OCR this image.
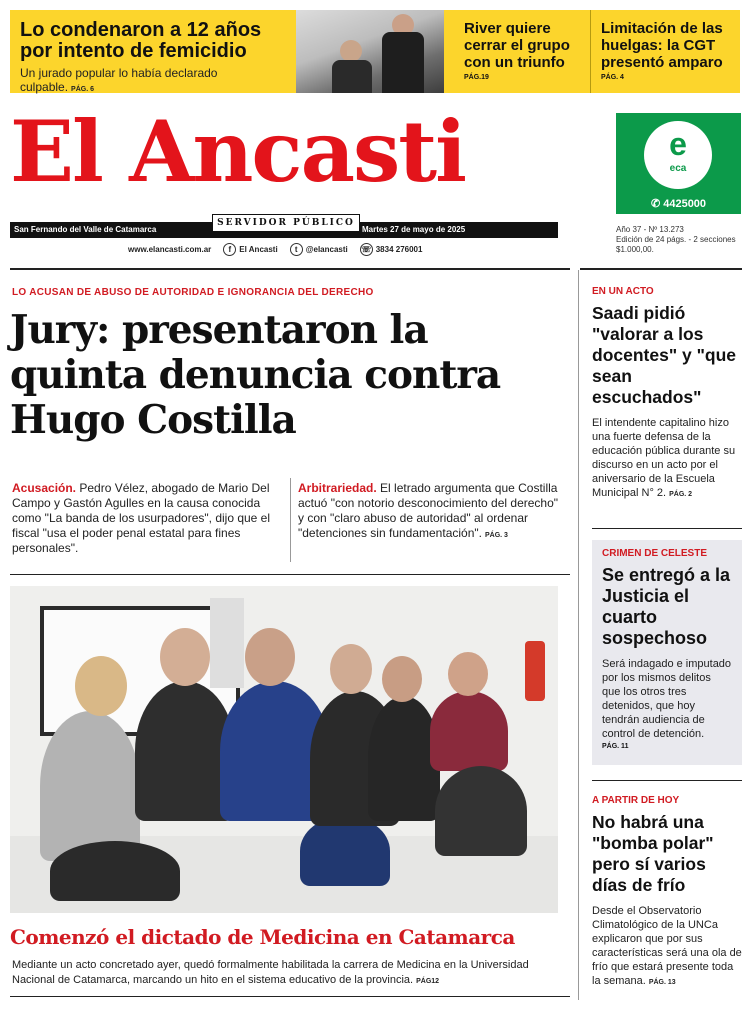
Lo condenaron a 12 años por intento de femicidio
Un jurado popular lo había declarado culpable. PÁG. 6
River quiere cerrar el grupo con un triunfo
PÁG.19
Limitación de las huelgas: la CGT presentó amparo
PÁG. 4
El Ancasti
San Fernando del Valle de Catamarca	Martes 27 de mayo de 2025
SERVIDOR PÚBLICO
www.elancasti.com.ar	f El Ancasti	t @elancasti ☏ 3834 276001
e
eca
✆ 4425000
Año 37 - Nº 13.273
Edición de 24 págs. - 2 secciones
$1.000,00.
LO ACUSAN DE ABUSO DE AUTORIDAD E IGNORANCIA DEL DERECHO
Jury: presentaron la quinta denuncia contra Hugo Costilla
Acusación. Pedro Vélez, abogado de Mario Del Campo y Gastón Agulles en la causa conocida como "La banda de los usurpadores", dijo que el fiscal "usa el poder penal estatal para fines personales".
Arbitrariedad. El letrado argumenta que Costilla actuó "con notorio desconocimiento del derecho" y con "claro abuso de autoridad" al ordenar "detenciones sin fundamentación". PÁG. 3
Comenzó el dictado de Medicina en Catamarca
Mediante un acto concretado ayer, quedó formalmente habilitada la carrera de Medicina en la Universidad Nacional de Catamarca, marcando un hito en el sistema educativo de la provincia. PÁG12
EN UN ACTO
Saadi pidió "valorar a los docentes" y "que sean escuchados"
El intendente capitalino hizo una fuerte defensa de la educación pública durante su discurso en un acto por el aniversario de la Escuela Municipal N° 2. PÁG. 2
CRIMEN DE CELESTE
Se entregó a la Justicia el cuarto sospechoso
Será indagado e imputado por los mismos delitos que los otros tres detenidos, que hoy tendrán audiencia de control de detención.
PÁG. 11
A PARTIR DE HOY
No habrá una "bomba polar" pero sí varios días de frío
Desde el Observatorio Climatológico de la UNCa explicaron que por sus características será una ola de frío que estará presente toda la semana. PÁG. 13
